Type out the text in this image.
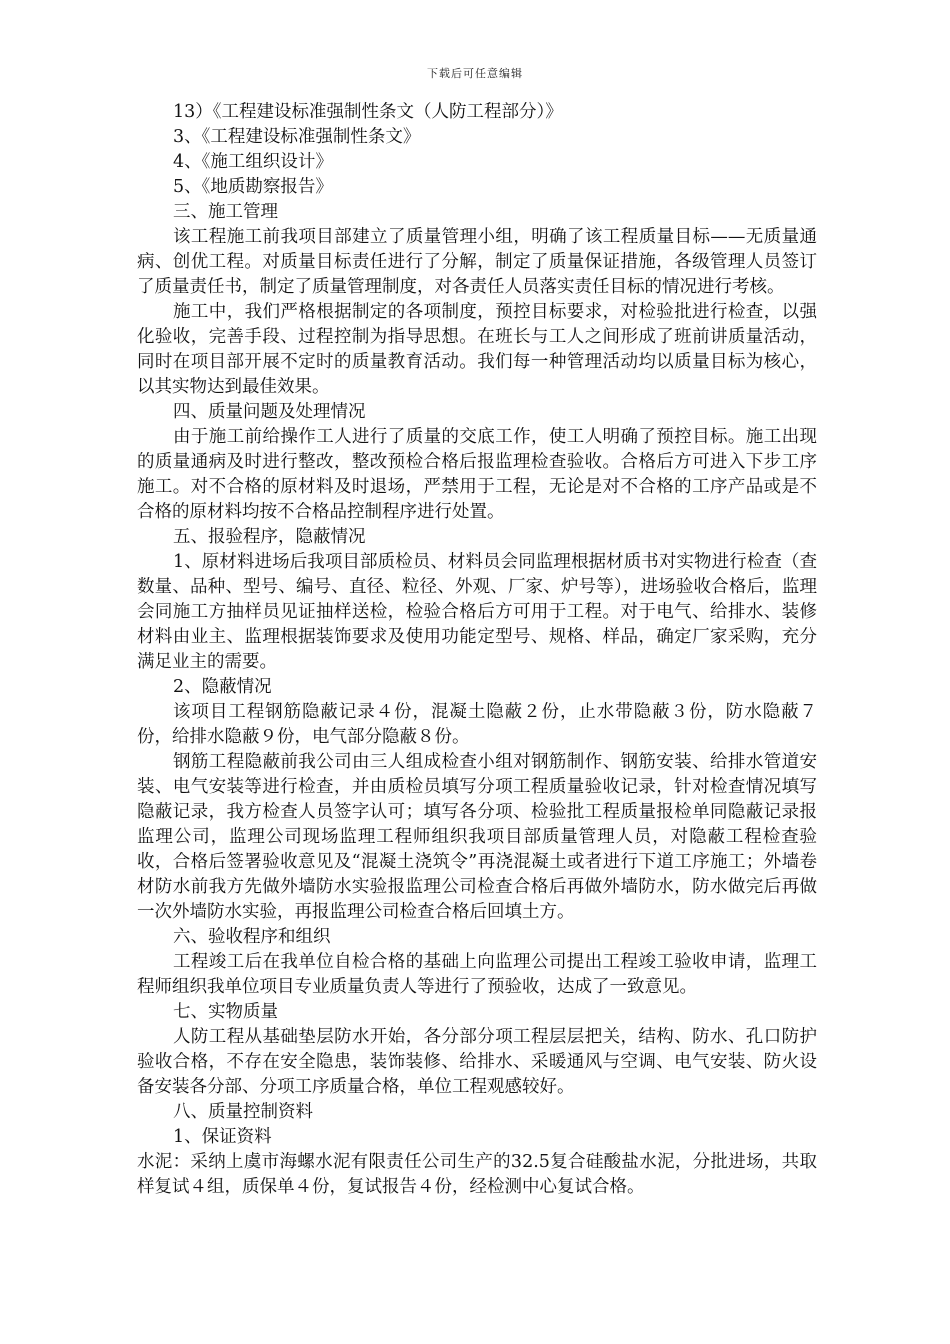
下载后可任意编辑

13）《工程建设标准强制性条文（人防工程部分）》

3、《工程建设标准强制性条文》

4、《施工组织设计》

5、《地质勘察报告》

三、施工管理

该工程施工前我项目部建立了质量管理小组，明确了该工程质量目标——无质量通病、创优工程。对质量目标责任进行了分解，制定了质量保证措施，各级管理人员签订了质量责任书，制定了质量管理制度，对各责任人员落实责任目标的情况进行考核。

施工中，我们严格根据制定的各项制度，预控目标要求，对检验批进行检查，以强化验收，完善手段、过程控制为指导思想。在班长与工人之间形成了班前讲质量活动，同时在项目部开展不定时的质量教育活动。我们每一种管理活动均以质量目标为核心，以其实物达到最佳效果。

四、质量问题及处理情况

由于施工前给操作工人进行了质量的交底工作，使工人明确了预控目标。施工出现的质量通病及时进行整改，整改预检合格后报监理检查验收。合格后方可进入下步工序施工。对不合格的原材料及时退场，严禁用于工程，无论是对不合格的工序产品或是不合格的原材料均按不合格品控制程序进行处置。

五、报验程序，隐蔽情况

1、原材料进场后我项目部质检员、材料员会同监理根据材质书对实物进行检查（查数量、品种、型号、编号、直径、粒径、外观、厂家、炉号等），进场验收合格后，监理会同施工方抽样员见证抽样送检，检验合格后方可用于工程。对于电气、给排水、装修材料由业主、监理根据装饰要求及使用功能定型号、规格、样品，确定厂家采购，充分满足业主的需要。

2、隐蔽情况

该项目工程钢筋隐蔽记录４份，混凝土隐蔽２份，止水带隐蔽３份，防水隐蔽７份，给排水隐蔽９份，电气部分隐蔽８份。

钢筋工程隐蔽前我公司由三人组成检查小组对钢筋制作、钢筋安装、给排水管道安装、电气安装等进行检查，并由质检员填写分项工程质量验收记录，针对检查情况填写隐蔽记录，我方检查人员签字认可；填写各分项、检验批工程质量报检单同隐蔽记录报监理公司，监理公司现场监理工程师组织我项目部质量管理人员，对隐蔽工程检查验收，合格后签署验收意见及“混凝土浇筑令”再浇混凝土或者进行下道工序施工；外墙卷材防水前我方先做外墙防水实验报监理公司检查合格后再做外墙防水，防水做完后再做一次外墙防水实验，再报监理公司检查合格后回填土方。

六、验收程序和组织

工程竣工后在我单位自检合格的基础上向监理公司提出工程竣工验收申请，监理工程师组织我单位项目专业质量负责人等进行了预验收，达成了一致意见。

七、实物质量

人防工程从基础垫层防水开始，各分部分项工程层层把关，结构、防水、孔口防护验收合格，不存在安全隐患，装饰装修、给排水、采暖通风与空调、电气安装、防火设备安装各分部、分项工序质量合格，单位工程观感较好。

八、质量控制资料

1、保证资料

水泥：采纳上虞市海螺水泥有限责任公司生产的32.5复合硅酸盐水泥，分批进场，共取样复试４组，质保单４份，复试报告４份，经检测中心复试合格。
